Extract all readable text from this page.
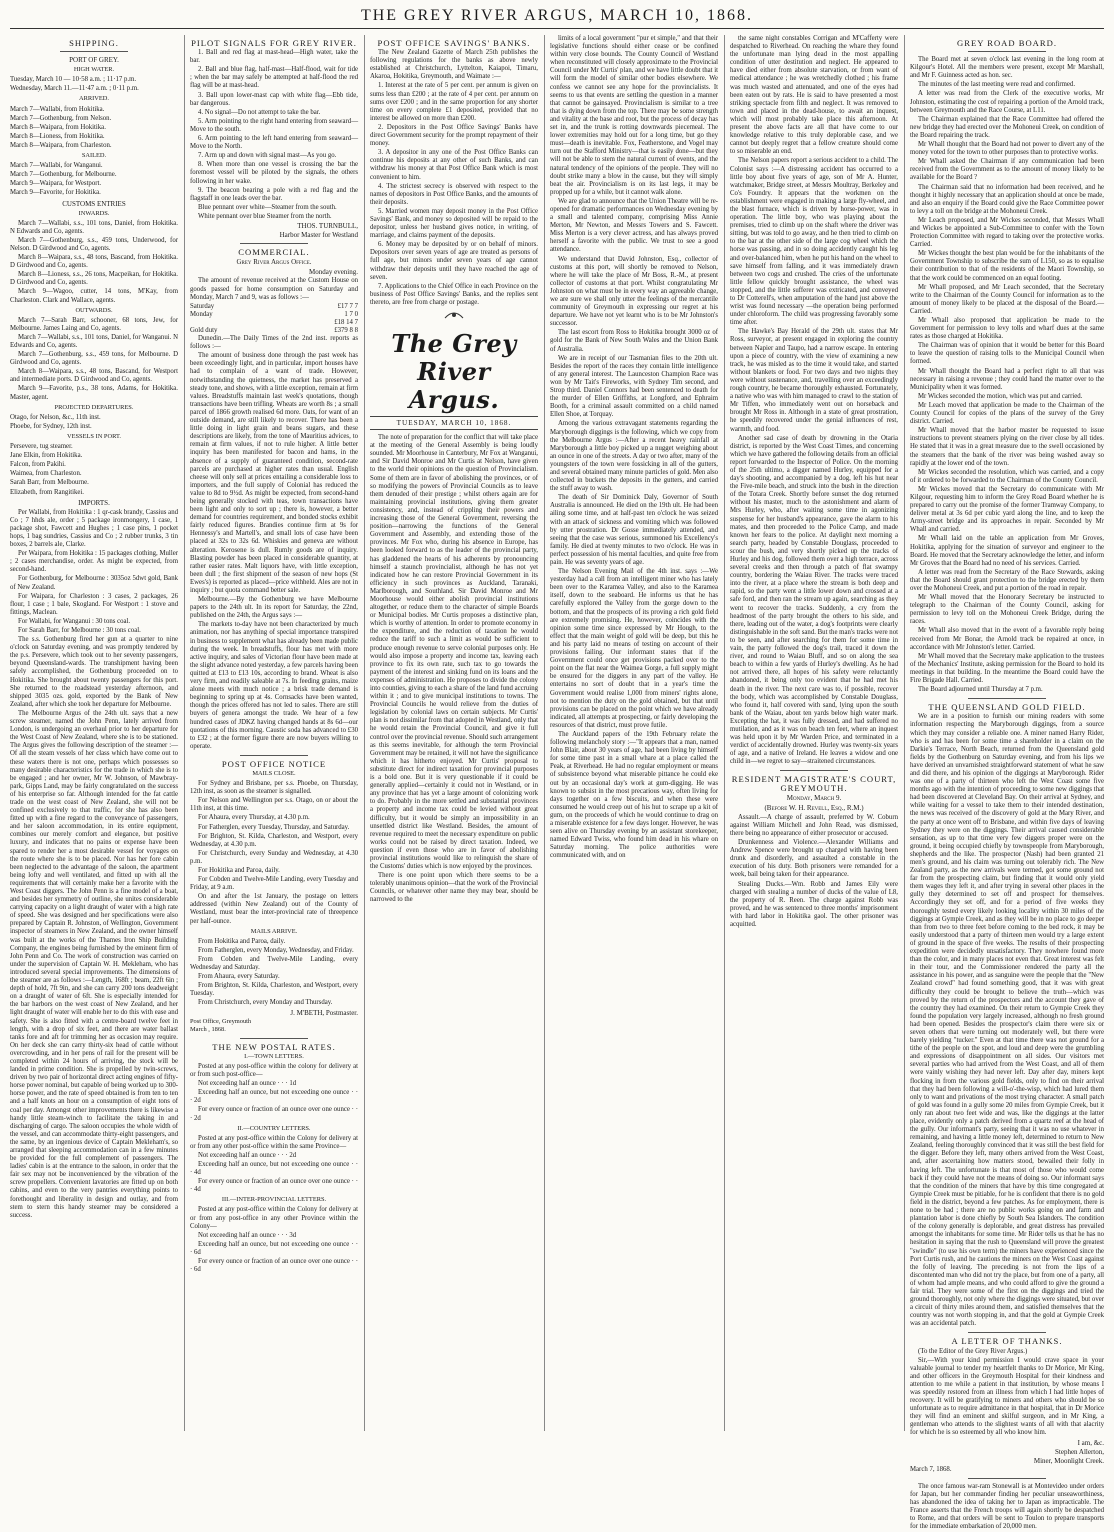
THE GREY RIVER ARGUS, MARCH 10, 1868.
SHIPPING.
PORT OF GREY.
HIGH WATER.

Tuesday, March 10 — 10·58 a.m. ; 11·17 p.m.

Wednesday, March 11.—11·47 a.m. ; 0·11 p.m.

ARRIVED.

March 7—Wallabi, from Hokitika.

March 7—Gothenburg, from Nelson.

March 8—Waipara, from Hokitika.

March 8—Lioness, from Hokitika.

March 8—Waipara, from Charleston.

SAILED.

March 7—Wallabi, for Wanganui.

March 7—Gothenburg, for Melbourne.

March 9—Waipara, for Westport.

March 9—Favorite, for Hokitika.

CUSTOMS ENTRIES
INWARDS.

March 7—Wallabi, s.s., 101 tons, Daniel, from Hokitika. N Edwards and Co, agents.

March 7—Gothenburg, s.s., 459 tons, Underwood, for Nelson. D Girdwood and Co, agents.

March 8—Waipara, s.s., 48 tons, Bascand, from Hokitika. D Girdwood and Co, agents.

March 8—Lioness, s.s., 26 tons, Macpeikan, for Hokitika. D Girdwood and Co, agents.

March 9—Wagoo, cutter, 14 tons, M'Kay, from Charleston. Clark and Wallace, agents.

OUTWARDS.

March 7—Sarah Barr, schooner, 68 tons, Jew, for Melbourne. James Laing and Co, agents.

March 7—Wallabi, s.s., 101 tons, Daniel, for Wanganui. N Edwards and Co, agents.

March 7—Gothenburg, s.s., 459 tons, for Melbourne. D Girdwood and Co, agents.

March 8—Waipara, s.s., 48 tons, Bascand, for Westport and intermediate ports. D Girdwood and Co, agents.

March 9—Favorite, p.s., 38 tons, Adams, for Hokitika. Master, agent.

PROJECTED DEPARTURES.

Otago, for Nelson, &c., 11th inst.

Phoebe, for Sydney, 12th inst.

VESSELS IN PORT.

Persevere, tug steamer.

Jane Elkin, from Hokitika.

Falcon, from Pakihi.

Waimea, from Charleston.

Sarah Barr, from Melbourne.

Elizabeth, from Rangitikei.

IMPORTS.

Per Wallabi, from Hokitika : 1 qr-cask brandy, Cassius and Co ; 7 hhds ale, order ; 5 package ironmongery, 1 case, 1 package shot, Fawcett and Hughes ; 1 case pins, 1 pocket hops, 1 bag sundries, Cassius and Co ; 2 rubber trunks, 3 tin boxes, 2 barrels ale, Clarke.

Per Waipara, from Hokitika : 15 packages clothing, Muller ; 2 cases merchandise, order. As might be expected, from second-hand.

For Gothenburg, for Melbourne : 3035oz 5dwt gold, Bank of New Zealand.

For Waipara, for Charleston : 3 cases, 2 packages, 26 flour, 1 case ; 1 bale, Skogland. For Westport : 1 stove and fittings, Maclean.

For Wallabi, for Wanganui : 30 tons coal.

For Sarah Barr, for Melbourne : 30 tons coal.

The s.s. Gothenburg fired her gun at a quarter to nine o'clock on Saturday evening, and was promptly tendered by the p.s. Persevere, which took out to her seventy passengers, beyond Queensland-wards. The transhipment having been safely accomplished, the Gothenburg proceeded on to Hokitika. She brought about twenty passengers for this port. She returned to the roadstead yesterday afternoon, and shipped 3035 ozs. gold, exported by the Bank of New Zealand, after which she took her departure for Melbourne.

The Melbourne Argus of the 24th ult. says that a new screw steamer, named the John Penn, lately arrived from London, is undergoing an overhaul prior to her departure for the West Coast of New Zealand, where she is to be stationed. The Argus gives the following description of the steamer :—Of all the steam vessels of her class which have come out to these waters there is not one, perhaps which possesses so many desirable characteristics for the trade in which she is to be engaged ; and her owner, Mr W. Johnson, of Mawbray-park, Gipps Land, may be fairly congratulated on the success of his enterprise so far. Although intended for the fat cattle trade on the west coast of New Zealand, she will not be confined exclusively to that traffic, for she has also been fitted up with a fine regard to the conveyance of passengers, and her saloon accommodation, in its entire equipment, combines our merely comfort and elegance, but positive luxury, and indicates that no pains or expense have been spared to render her a most desirable vessel for voyages on the route where she is to be placed. Nor has her fore cabin been neglected to the advantage of the saloon, the apartment being lofty and well ventilated, and fitted up with all the requirements that will certainly make her a favorite with the West Coast diggers. The John Penn is a fine model of a boat, and besides her symmetry of outline, she unites considerable carrying capacity on a light draught of water with a high rate of speed. She was designed and her specifications were also prepared by Captain R. Johnston, of Wellington, Government inspector of steamers in New Zealand, and the owner himself was built at the works of the Thames Iron Ship Building Company, the engines being furnished by the eminent firm of John Penn and Co. The work of construction was carried on under the supervision of Captain W. H. Mekleham, who has introduced several special improvements. The dimensions of the steamer are as follows :—Length, 168ft ; beam, 22ft 6in ; depth of hold, 7ft 9in, and she can carry 200 tons deadweight on a draught of water of 6ft. She is especially intended for the bar harbors on the west coast of New Zealand, and her light draught of water will enable her to do this with ease and safety. She is also fitted with a centre-board twelve feet in length, with a drop of six feet, and there are water ballast tanks fore and aft for trimming her as occasion may require. On her deck she can carry thirty-six head of cattle without overcrowding, and in her pens of rail for the present will be completed within 24 hours of arriving, the stock will be landed in prime condition. She is propelled by twin-screws, driven by two pair of horizontal direct acting engines of fifty-horse power nominal, but capable of being worked up to 300-horse power, and the rate of speed obtained is from ten to ten and a half knots an hour on a consumption of eight tons of coal per day. Amongst other improvements there is likewise a handy little steam-winch to facilitate the taking in and discharging of cargo. The saloon occupies the whole width of the vessel, and can accommodate thirty-eight passengers, and the same, by an ingenious device of Captain Mekleham's, so arranged that sleeping accommodation can in a few minutes be provided for the full complement of passengers. The ladies' cabin is at the entrance to the saloon, in order that the fair sex may not be inconvenienced by the vibration of the screw propellers. Convenient lavatories are fitted up on both cabins, and even to the very pantries everything points to forethought and liberality in design and outlay, and from stem to stern this handy steamer may be considered a success.

PILOT SIGNALS FOR GREY RIVER.

1. Ball and red flag at mast-head—High water, take the bar.

2. Ball and blue flag, half-mast—Half-flood, wait for tide ; when the bar may safely be attempted at half-flood the red flag will be at mast-head.

3. Ball upon lower-mast cap with white flag—Ebb tide, bar dangerous.

4. No signal—Do not attempt to take the bar.

5. Arm pointing to the right hand entering from seaward—Move to the south.

6. Arm pointing to the left hand entering from seaward—Move to the North.

7. Arm up and down with signal mast—As you go.

8. When more than one vessel is crossing the bar the foremost vessel will be piloted by the signals, the others following in her wake.

9. The beacon bearing a pole with a red flag and the flagstaff in one leads over the bar.

Blue pennant over white—Steamer from the south.

White pennant over blue Steamer from the north.

THOS. TURNBULL,
Harbor Master for Westland
COMMERCIAL.
Grey River Argus Office.
Monday evening.

The amount of revenue received at the Custom House on goods passed for home consumption on Saturday and Monday, March 7 and 9, was as follows :—

Saturday	£17 7 7
Monday	1 7 0
£18 14 7
Gold duty	£379 8 8

Dunedin.—The Daily Times of the 2nd inst. reports as follows :—

The amount of business done through the past week has been exceedingly light, and in particular, import houses have had to complain of a want of trade. However, notwithstanding the quietness, the market has preserved a steady tone, and shows, with a little exception, remain at firm values. Breadstuffs maintain last week's quotations, though transactions have been trifling. Wheats are worth 8s ; a small parcel of 1866 growth realised 6d more. Oats, for want of an outside demand, are still likely to recover. There has been a little doing in light grain and beans sugars, and these descriptions are likely, from the tone of Mauritius advices, to remain at firm values, if not to rule higher. A little better inquiry has been manifested for bacon and hams, in the absence of a supply of guaranteed condition, second-rate parcels are purchased at higher rates than usual. English cheese will only sell at prices entailing a considerable loss to importers, and the full supply of Colonial has reduced the value to 8d to 9½d. As might be expected, from second-hand being generally stocked with teas, town transactions have been light and only to sort up ; there is, however, a better demand for countries requirement, and bonded stocks exhibit fairly reduced figures. Brandies continue firm at 9s for Hennessy's and Martell's, and small lots of case have been placed at 32s to 32s 6d. Whiskies and geneva are without alteration. Kerosene is dull. Rumly goods are of inquiry. Blasting powder has been placed in considerable quantity, at rather easier rates. Malt liquors have, with little exception, been dull ; the first shipment of the season of new hops (St Ewes's) is reported as placed—price withheld. Ales are not in inquiry ; but quota command better sale.

Melbourne.—By the Gothenburg we have Melbourne papers to the 24th ult. In its report for Saturday, the 22nd, published on the 24th, the Argus says :—

The markets to-day have not been characterized by much animation, nor has anything of special importance transpired in business to supplement what has already been made public during the week. In breadstuffs, flour has met with more active inquiry, and sales of Victorian flour have been made at the slight advance noted yesterday, a few parcels having been quitted at £13 to £13 10s, according to brand. Wheat is also very firm, and readily saleable at 7s. In feeding grains, maize alone meets with much notice ; a brisk trade demand is beginning to spring up at 4s. Cornsacks have been wanted, though the prices offered has not led to sales. There are still buyers of genera amongst the trade. We hear of a few hundred cases of JDKZ having changed hands at 8s 6d—our quotations of this morning. Caustic soda has advanced to £30 to £32 ; at the former figure there are now buyers willing to operate.

POST OFFICE NOTICE
MAILS CLOSE.

For Sydney and Brisbane, per s.s. Phoebe, on Thursday, 12th inst, as soon as the steamer is signalled.

For Nelson and Wellington per s.s. Otago, on or about the 11th inst, at this time.

For Ahaura, every Thursday, at 4.30 p.m.

For Fatherglen, every Tuesday, Thursday, and Saturday.

For Brighton, St. Kilda, Charleston, and Westport, every Wednesday, at 4.30 p.m.

For Christchurch, every Sunday and Wednesday, at 4.30 p.m.

For Hokitika and Paroa, daily.

For Cobden and Twelve-Mile Landing, every Tuesday and Friday, at 9 a.m.

On and after the 1st January, the postage on letters addressed (within New Zealand) out of the County of Westland, must bear the inter-provincial rate of threepence per half-ounce.

MAILS ARRIVE.

From Hokitika and Paroa, daily.

From Fatherglen, every Monday, Wednesday, and Friday.

From Cobden and Twelve-Mile Landing, every Wednesday and Saturday.

From Ahaura, every Saturday.

From Brighton, St. Kilda, Charleston, and Westport, every Tuesday.

From Christchurch, every Monday and Thursday.

J. M'BETH, Postmaster.
Post Office, Greymouth
March , 1868.
THE NEW POSTAL RATES.
I.—TOWN LETTERS.

Posted at any post-office within the colony for delivery at or from such post-office—

Not exceeding half an ounce · · · 1d

Exceeding half an ounce, but not exceeding one ounce · · · 2d

For every ounce or fraction of an ounce over one ounce · · · 2d

II.—COUNTRY LETTERS.

Posted at any post-office within the Colony for delivery at or from any other post-office within the same Province—

Not exceeding half an ounce · · · 2d

Exceeding half an ounce, but not exceeding one ounce · · · 4d

For every ounce or fraction of an ounce over one ounce · · · 4d

III.—INTER-PROVINCIAL LETTERS.

Posted at any post-office within the Colony for delivery at or from any post-office in any other Province within the Colony—

Not exceeding half an ounce · · · 3d

Exceeding half an ounce, but not exceeding one ounce · · · 6d

For every ounce or fraction of an ounce over one ounce · · · 6d

POST OFFICE SAVINGS' BANKS.

The New Zealand Gazette of March 25th publishes the following regulations for the banks as above newly established at Christchurch, Lyttelton, Kaiapoi, Timaru, Akaroa, Hokitika, Greymouth, and Waimate :—

1. Interest at the rate of 5 per cent. per annum is given on sums less than £200 ; at the rate of 4 per cent. per annum on sums over £200 ; and in the same proportion for any shorter time on every complete £1 deposited, provided that no interest be allowed on more than £200.

2. Depositors in the Post Office Savings' Banks have direct Government security for the prompt repayment of their money.

3. A depositor in any one of the Post Office Banks can continue his deposits at any other of such Banks, and can withdraw his money at that Post Office Bank which is most convenient to him.

4. The strictest secrecy is observed with respect to the names of depositors in Post Office Banks, and the amounts of their deposits.

5. Married women may deposit money in the Post Office Savings' Bank, and money so deposited will be repaid to the depositor, unless her husband gives notice, in writing, of marriage, and claims payment of the deposits.

6. Money may be deposited by or on behalf of minors. Depositors over seven years of age are treated as persons of full age, but minors under seven years of age cannot withdraw their deposits until they have reached the age of seven.

7. Applications to the Chief Office in each Province on the business of Post Office Savings' Banks, and the replies sent thereto, are free from charge or postage.

The Grey River Argus.
TUESDAY, MARCH 10, 1868.

The note of preparation for the conflict that will take place at the meeting of the General Assembly is being loudly sounded. Mr Moorhouse in Canterbury, Mr Fox at Wanganui, and Sir David Monroe and Mr Curtis at Nelson, have given to the world their opinions on the question of Provincialism. Some of them are in favor of abolishing the provinces, or of so modifying the powers of Provincial Councils as to leave them denuded of their prestige ; whilst others again are for maintaining provincial institutions, giving them greater consistency, and, instead of crippling their powers and increasing those of the General Government, reversing the position—narrowing the functions of the General Government and Assembly, and extending those of the provinces. Mr Fox who, during his absence in Europe, has been looked forward to as the leader of the provincial party, has gladdened the hearts of his adherents by pronouncing himself a staunch provincialist, although he has not yet indicated how he can restore Provincial Government in its efficiency in such provinces as Auckland, Taranaki, Marlborough, and Southland. Sir David Monroe and Mr Moorhouse would either abolish provincial institutions altogether, or reduce them to the character of simple Boards or Municipal bodies. Mr Curtis proposes a distinctive plan, which is worthy of attention. In order to promote economy in the expenditure, and the reduction of taxation he would reduce the tariff to such a limit as would be sufficient to produce enough revenue to serve colonial purposes only. He would also impose a property and income tax, leaving each province to fix its own rate, such tax to go towards the payment of the interest and sinking fund on its loans and the expenses of administration. He proposes to divide the colony into counties, giving to each a share of the land fund accruing within it ; and to give municipal institutions to towns. The Provincial Councils he would relieve from the duties of legislation by colonial laws on certain subjects. Mr Curtis' plan is not dissimilar from that adopted in Westland, only that he would retain the Provincial Council, and give it full control over the provincial revenue. Should such arrangement as this seems inevitable, for although the term Provincial Government may be retained, it will not have the significance which it has hitherto enjoyed. Mr Curtis' proposal to substitute direct for indirect taxation for provincial purposes is a bold one. But it is very questionable if it could be generally applied—certainly it could not in Westland, or in any province that has yet a large amount of colonizing work to do. Probably in the more settled and substantial provinces a property and income tax could be levied without great difficulty, but it would be simply an impossibility in an unsettled district like Westland. Besides, the amount of revenue required to meet the necessary expenditure on public works could not be raised by direct taxation. Indeed, we question if even those who are in favor of abolishing provincial institutions would like to relinquish the share of the Customs' duties which is now enjoyed by the provinces.

There is one point upon which there seems to be a tolerably unanimous opinion—that the work of the Provincial Councils, or whatever other name they may bear, should be narrowed to the

limits of a local government "pur et simple," and that their legislative functions should either cease or be confined within very close bounds. The County Council of Westland when reconstituted will closely approximate to the Provincial Council under Mr Curtis' plan, and we have little doubt that it will form the model of similar other bodies elsewhere. We confess we cannot see any hope for the provincialists. It seems to us that events are settling the question in a manner that cannot be gainsayed. Provincialism is similar to a tree that is dying down from the top. There may be some strength and vitality at the base and root, but the process of decay has set in, and the trunk is rotting downwards piecemeal. The lower extremities may hold out for a long time, but go they must—death is inevitable. Fox, Featherstone, and Vogel may turn out the Stafford Ministry—that is easily done—but they will not be able to stem the natural current of events, and the natural tendency of the opinions of the people. They will no doubt strike many a blow in the cause, but they will simply beat the air. Provincialism is on its last legs, it may be propped up for a while, but it cannot walk alone.

We are glad to announce that the Union Theatre will be re-opened for dramatic performances on Wednesday evening by a small and talented company, comprising Miss Annie Merton, Mr Newton, and Messrs Towers and S. Fawcett. Miss Merton is a very clever actress, and has always proved herself a favorite with the public. We trust to see a good attendance.

We understand that David Johnston, Esq., collector of customs at this port, will shortly be removed to Nelson, where he will take the place of Mr Boss, R.-M., at present collector of customs at that port. Whilst congratulating Mr Johnston on what must be in every way an agreeable change, we are sure we shall only utter the feelings of the mercantile community of Greymouth in expressing our regret at his departure. We have not yet learnt who is to be Mr Johnston's successor.

The last escort from Ross to Hokitika brought 3000 oz of gold for the Bank of New South Wales and the Union Bank of Australia.

We are in receipt of our Tasmanian files to the 20th ult. Besides the report of the races they contain little intelligence of any general interest. The Launceston Champion Race was won by Mr Tait's Fireworks, with Sydney Tim second, and Strop third. Daniel Connors had been sentenced to death for the murder of Ellen Griffiths, at Longford, and Ephraim Booth, for a criminal assault committed on a child named Ellen Shoe, at Torquay.

Among the various extravagant statements regarding the Maryborough diggings is the following, which we copy from the Melbourne Argus :—After a recent heavy rainfall at Maryborough a little boy picked up a nugget weighing about an ounce in one of the streets. A day or two after, many of the youngsters of the town were fossicking in all of the gutters, and several obtained many minute particles of gold. Men also collected in buckets the deposits in the gutters, and carried the stuff away to wash.

The death of Sir Dominick Daly, Governor of South Australia is announced. He died on the 19th ult. He had been ailing some time, and at half-past ten o'clock he was seized with an attack of sickness and vomiting which was followed by utter prostration. Dr Gosse immediately attended, and seeing that the case was serious, summoned his Excellency's family. He died at twenty minutes to two o'clock. He was in perfect possession of his mental faculties, and quite free from pain. He was seventy years of age.

The Nelson Evening Mail of the 4th inst. says :—We yesterday had a call from an intelligent miner who has lately been over to the Karamea Valley, and also to the Karamea itself, down to the seaboard. He informs us that he has carefully explored the Valley from the gorge down to the bottom, and that the prospects of its proving a rich gold field are extremely promising. He, however, coincides with the opinion some time since expressed by Mr Hough, to the effect that the main weight of gold will be deep, but this he and his party laid no means of testing on account of their provisions failing. Our informant states that if the Government could once get provisions packed over to the point on the flat near the Waimea Gorge, a full supply might be ensured for the diggers in any part of the valley. He entertains no sort of doubt that in a year's time the Government would realise 1,000 from miners' rights alone, not to mention the duty on the gold obtained, but that until provisions can be placed on the point which we have already indicated, all attempts at prospecting, or fairly developing the resources of that district, must prove futile.

The Auckland papers of the 19th February relate the following melancholy story :—"It appears that a man, named John Blair, about 30 years of age, had been living by himself for some time past in a small whare at a place called the Peak, at Riverhead. He had no regular employment or means of subsistence beyond what miserable pittance he could eke out by an occasional day's work at gum-digging. He was known to subsist in the most precarious way, often living for days together on a few biscuits, and when these were consumed he would creep out of his hut to scrape up a kit of gum, on the proceeds of which he would continue to drag on a miserable existence for a few days longer. However, he was seen alive on Thursday evening by an assistant storekeeper, named Edward Twiss, who found him dead in his whare on Saturday morning. The police authorities were communicated with, and on

the same night constables Corrigan and M'Cafferty were despatched to Riverhead. On reaching the whare they found the unfortunate man lying dead in the most appalling condition of utter destitution and neglect. He appeared to have died either from absolute starvation, or from want of medical attendance ; he was wretchedly clothed ; his frame was much wasted and attenuated, and one of the eyes had been eaten out by rats. He is said to have presented a most striking spectacle from filth and neglect. It was removed to town and placed in the dead-house, to await an inquest, which will most probably take place this afternoon. At present the above facts are all that have come to our knowledge relative to this truly deplorable case, and we cannot but deeply regret that a fellow creature should come to so miserable an end.

The Nelson papers report a serious accident to a child. The Colonist says :—A distressing accident has occurred to a little boy about five years of age, son of Mr A. Hunter, watchmaker, Bridge street, at Messrs Moultray, Berkeley and Co's Foundry. It appears that the workmen on the establishment were engaged in making a large fly-wheel, and the blast furnace, which is driven by horse-power, was in operation. The little boy, who was playing about the premises, tried to climb up on the shaft where the driver was sitting, but was told to go away, and he then tried to climb on to the bar at the other side of the large cog wheel which the horse was passing, and in so doing accidently caught his leg and over-balanced him, when he put his hand on the wheel to save himself from falling, and it was immediately drawn between two cogs and crushed. The cries of the unfortunate little fellow quickly brought assistance, the wheel was stopped, and the little sufferer was extricated, and conveyed to Dr Cotterell's, when amputation of the hand just above the wrist was found necessary —the operation being performed under chloroform. The child was progressing favorably some time after.

The Hawke's Bay Herald of the 29th ult. states that Mr Ross, surveyor, at present engaged in exploring the country between Napier and Taupo, had a narrow escape. In entering upon a piece of country, with the view of examining a new track, he was misled as to the time it would take, and started without blankets or food. For two days and two nights they were without sustenance, and, travelling over an exceedingly rough country, he became thoroughly exhausted. Fortunately, a native who was with him managed to crawl to the station of Mr Tiffen, who immediately went out on horseback and brought Mr Ross in. Although in a state of great prostration, he speedily recovered under the genial influences of rest, warmth, and food.

Another sad case of death by drowning in the Otaria district, is reported by the West Coast Times, and concerning which we have gathered the following details from an official report forwarded to the Inspector of Police. On the morning of the 25th ultimo, a digger named Hurley, equipped for a day's shooting, and accompanied by a dog, left his hut near the Five-mile beach, and struck into the bush in the direction of the Totara Creek. Shortly before sunset the dog returned without his master, much to the astonishment and alarm of Mrs Hurley, who, after waiting some time in agonizing suspense for her husband's appearance, gave the alarm to his mates, and then proceeded to the Police Camp, and made known her fears to the police. At daylight next morning a search party, headed by Constable Douglass, proceeded to scour the bush, and very shortly picked up the tracks of Hurley and his dog, followed them over a high terrace, across several creeks and then through a patch of flat swampy country, bordering the Waiau River. The tracks were traced into the river, at a place where the stream is both deep and rapid, so the party went a little lower down and crossed at a safe ford, and then ran the stream up again, searching as they went to recover the tracks. Suddenly, a cry from the headmost of the party brought the others to his side, and there, leading out of the water, a dog's footprints were clearly distinguishable in the soft sand. But the man's tracks were not to be seen, and after searching for them for some time in vain, the party followed the dog's trail, traced it down the river, and round to Waiau Bluff, and so on along the sea beach to within a few yards of Hurley's dwelling. As he had not arrived there, all hopes of his safety were reluctantly abandoned, it being only too evident that he had met his death in the river. The next care was to, if possible, recover the body, which was accomplished by Constable Douglass, who found it, half covered with sand, lying upon the south bank of the Waiau, about ten yards below high water mark. Excepting the hat, it was fully dressed, and had suffered no mutilation, and as it was on beach ten feet, where an inquest was held upon it by Mr Warden Price, and terminated in a verdict of accidentally drowned. Hurley was twenty-six years of age, and a native of Ireland. He leaves a widow and one child in—we regret to say—straitened circumstances.

RESIDENT MAGISTRATE'S COURT, GREYMOUTH.
Monday, March 9.
(Before W. H. Revell, Esq., R.M.)

Assault.—A charge of assault, preferred by W. Coburn against William Mitchell and John Read, was dismissed, there being no appearance of either prosecutor or accused.

Drunkenness and Violence.—Alexander Williams and Andrew Spence were brought up charged with having been drunk and disorderly, and assaulted a constable in the execution of his duty. Both prisoners were remanded for a week, bail being taken for their appearance.

Stealing Ducks.—Wm. Robb and James Eily were charged with stealing a number of ducks of the value of L8, the property of R. Reen. The charge against Robb was proved, and he was sentenced to three months' imprisonment with hard labor in Hokitika gaol. The other prisoner was acquitted.

GREY ROAD BOARD.

The Board met at seven o'clock last evening in the long room at Kilgour's Hotel. All the members were present, except Mr Marshall, and Mr F. Guinness acted as hon. sec.

The minutes of the last meeting were read and confirmed.

A letter was read from the Clerk of the executive works, Mr Johnston, estimating the cost of repairing a portion of the Arnold track, between Greymouth and the Race Course, at L11.

The Chairman explained that the Race Committee had offered the new bridge they had erected over the Mohoneui Creek, on condition of the Board repairing the track.

Mr Whall thought that the Board had not power to divert any of the money voted for the town to other purposes than to protective works.

Mr Whall asked the Chairman if any communication had been received from the Government as to the amount of money likely to be available for the Board ?

The Chairman said that no information had been received, and he thought it highly necessary that an application should at once be made, and also an enquiry if the Board could give the Race Committee power to levy a toll on the bridge at the Mohoneui Creek.

Mr Leach proposed, and Mr Wickes seconded, that Messrs Whall and Wickes be appointed a Sub-Committee to confer with the Town Protection Committee with regard to taking over the protective works. Carried.

Mr Wickes thought the best plan would be for the inhabitants of the Government Township to subscribe the sum of L150, so as to equalise their contribution to that of the residents of the Maori Township, so that the work could be commenced on an equal footing.

Mr Whall proposed, and Mr Leach seconded, that the Secretary write to the Chairman of the County Council for information as to the amount of money likely to be placed at the disposal of the Board.—Carried.

Mr Whall also proposed that application be made to the Government for permission to levy tolls and wharf dues at the same rates as those charged at Hokitika.

The Chairman was of opinion that it would be better for this Board to leave the question of raising tolls to the Municipal Council when formed.

Mr Whall thought the Board had a perfect right to all that was necessary in raising a revenue ; they could hand the matter over to the Municipality when it was formed.

Mr Wickes seconded the motion, which was put and carried.

Mr Leach moved that application be made to the Chairman of the County Council for copies of the plans of the survey of the Grey district. Carried.

Mr Whall moved that the harbor master be requested to issue instructions to prevent steamers plying on the river close by all tides. He stated that it was in a great measure due to the swell occasioned by the steamers that the bank of the river was being washed away so rapidly at the lower end of the town.

Mr Wickes seconded the resolution, which was carried, and a copy of it ordered to be forwarded to the Chairman of the County Council.

Mr Wickes moved that the Secretary do communicate with Mr Kilgour, requesting him to inform the Grey Road Board whether he is prepared to carry out the promise of the former Tramway Company, to deliver metal at 3s 6d per cubic yard along the line, and to keep the Army-street bridge and its approaches in repair. Seconded by Mr Whall and carried.

Mr Whall laid on the table an application from Mr Groves, Hokitika, applying for the situation of surveyor and engineer to the Board. He moved that the Secretary acknowledge the letter, and inform Mr Groves that the Board had no need of his services. Carried.

A letter was read from the Secretary of the Race Stewards, asking that the Board should grant protection to the bridge erected by them over the Mohoneui Creek, and put a portion of the road in repair.

Mr Whall moved that the Honorary Secretary be instructed to telegraph to the Chairman of the County Council, asking for permission to levy toll on the Mohoneui Creek Bridge, during the races.

Mr Whall also moved that in the event of a favorable reply being received from Mr Bonar, the Arnold track be repaired at once, in accordance with Mr Johnston's letter. Carried.

Mr Whall moved that the Secretary make application to the trustees of the Mechanics' Institute, asking permission for the Board to hold its meetings in that building. In the meantime the Board could have the Fire Brigade Hall. Carried.

The Board adjourned until Thursday at 7 p.m.

THE QUEENSLAND GOLD FIELD.

We are in a position to furnish our mining readers with some information respecting the Maryborough diggings, from a source which they may consider a reliable one. A miner named Harry Rider, who is and has been for some time a shareholder in a claim on the Darkie's Terrace, North Beach, returned from the Queensland gold fields by the Gothenburg on Saturday evening, and from his lips we have derived an unvarnished straightforward statement of what he saw and did there, and his opinion of the diggings at Maryborough. Rider was one of a party of thirteen who left the West Coast some five months ago with the intention of proceeding to some new diggings that had been discovered at Cleveland Bay. On their arrival at Sydney, and while waiting for a vessel to take them to their intended destination, the news was received of the discovery of gold at the Mary River, and the party at once went off to Brisbane, and within five days of leaving Sydney they were on the diggings. Their arrival caused considerable sensation, as up to that time very few diggers proper were on the ground, it being occupied chiefly by townspeople from Maryborough, shepherds and the like. The prospector (Nash) had been granted 21 men's ground, and his claim was turning out tolerably rich. The New Zealand party, as the new arrivals were termed, got some ground not far from the prospecting claim, but finding that it would only yield them wages they left it, and after trying in several other places in the gully they determined to set off and prospect for themselves. Accordingly they set off, and for a period of five weeks they thoroughly tested every likely looking locality within 30 miles of the diggings at Gympie Creek, and as they will be in no place to go deeper than from two to three feet before coming to the bed rock, it may be easily understood that a party of thirteen men would try a large extent of ground in the space of five weeks. The results of their prospecting expedition were decidedly unsatisfactory. They nowhere found more than the color, and in many places not even that. Great interest was felt in their tour, and the Commissioner rendered the party all the assistance in his power, and as sanguine were the people that the "New Zealand crowd" had found something good, that it was with great difficulty they could be brought to believe the truth—which was proved by the return of the prospectors and the account they gave of the country they had examined. On their return to Gympie Creek they found the population very largely increased, although no fresh ground had been opened. Besides the prospector's claim there were six or seven others that were turning out moderately well, but there were barely yielding "tucker." Even at that time there was not ground for a tithe of the people on the spot, and loud and deep were the grumbling and expressions of disappointment on all sides. Our visitors met several parties who had arrived from the West Coast, and all of them were vainly wishing they had never left. Day after day, miners kept flocking in from the various gold fields, only to find on their arrival that they had been following a will-o'-the-wisp, which had lured them only to want and privations of the most trying character. A small patch of gold was found in a gully some 20 miles from Gympie Creek, but it only ran about two feet wide and was, like the diggings at the latter place, evidently only a patch derived from a quartz reef at the head of the gully. Our informant's party, seeing that it was no use whatever in remaining, and having a little money left, determined to return to New Zealand, feeling thoroughly convinced that it was still the best field for the digger. Before they left, many others arrived from the West Coast, and, after ascertaining how matters stood, bewailed their folly in having left. The unfortunate is that most of those who would come back if they could have not the means of doing so. Our informant says that the condition of the miners that have by this time congregated at Gympie Creek must be pitiable, for he is confident that there is no gold field in the district, beyond a few patches. As for employment, there is none to be had ; there are no public works going on and farm and plantation labor is done chiefly by South Sea Islanders. The condition of the colony generally is deplorable, and great distress has prevailed amongst the inhabitants for some time. Mr Rider tells us that he has no hesitation in saying that the rush to Queensland will prove the greatest "swindle" (to use his own term) the miners have experienced since the Port Curtis rush, and he cautions the miners on the West Coast against the folly of leaving. The preceding is not from the lips of a discontented man who did not try the place, but from one of a party, all of whom had ample means, and who could afford to give the ground a fair trial. They were some of the first on the diggings and tried the ground thoroughly, not only where the diggings were situated, but over a circuit of thirty miles around them, and satisfied themselves that the country was not worth stopping in, and that the gold at Gympie Creek was an accidental patch.

A LETTER OF THANKS.

(To the Editor of the Grey River Argus.)

Sir,—With your kind permission I would crave space in your valuable journal to tender my heartfelt thanks to Dr Morice, Mr King, and other officers in the Greymouth Hospital for their kindness and attention to me while a patient in that institution, by whose means I was speedily restored from an illness from which I had little hopes of recovery. It will be gratifying to miners and others who should be so unfortunate as to require admittance in that hospital, that in Dr Morice they will find an eminent and skilful surgeon, and in Mr King, a gentleman who attends to the slightest wants of all with that alacrity for which he is so esteemed by all who know him.

I am, &c.
Stephen Allerton,
Miner, Moonlight Creek.

March 7, 1868.

The once famous war-ram Stonewall is at Montevideo under orders for Japan, but her commander finding her peculiar unseaworthiness, has abandoned the idea of taking her to Japan as impracticable. The France asserts that the French troops will again shortly be despatched to Rome, and that orders will be sent to Toulon to prepare transports for the immediate embarkation of 20,000 men.
